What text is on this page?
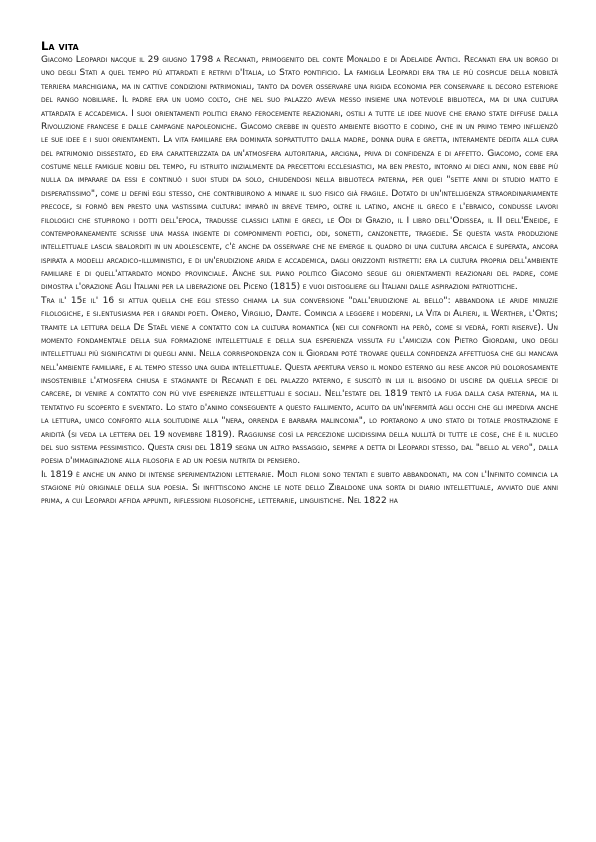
La vita

Giacomo Leopardi nacque il 29 giugno 1798 a Recanati, primogenito del conte Monaldo e di Adelaide Antici. Recanati era un borgo di uno degli Stati a quel tempo più attardati e retrivi d'Italia, lo Stato pontificio. La famiglia Leopardi era tra le più cospicue della nobiltà terriera marchigiana, ma in cattive condizioni patrimoniali, tanto da dover osservare una rigida economia per conservare il decoro esteriore del rango nobiliare. Il padre era un uomo colto, che nel suo palazzo aveva messo insieme una notevole biblioteca, ma di una cultura attardata e accademica. I suoi orientamenti politici erano ferocemente reazionari, ostili a tutte le idee nuove che erano state diffuse dalla Rivoluzione francese e dalle campagne napoleoniche. Giacomo crebbe in questo ambiente bigotto e codino, che in un primo tempo influenzò le sue idee e i suoi orientamenti. La vita familiare era dominata soprattutto dalla madre, donna dura e gretta, interamente dedita alla cura del patrimonio dissestato, ed era caratterizzata da un'atmosfera autoritaria, arcigna, priva di confidenza e di affetto. Giacomo, come era costume nelle famiglie nobili del tempo, fu istruito inizialmente da precettori ecclesiastici, ma ben presto, intorno ai dieci anni, non ebbe più nulla da imparare da essi e continuò i suoi studi da solo, chiudendosi nella biblioteca paterna, per quei "sette anni di studio matto e disperatissimo", come li definì egli stesso, che contribuirono a minare il suo fisico già fragile. Dotato di un'intelligenza straordinariamente precoce, si formò ben presto una vastissima cultura: imparò in breve tempo, oltre il latino, anche il greco e l'ebraico, condusse lavori filologici che stupirono i dotti dell'epoca, tradusse classici latini e greci, le Odi di Grazio, il I libro dell'Odissea, il II dell'Eneide, e contemporaneamente scrisse una massa ingente di componimenti poetici, odi, sonetti, canzonette, tragedie. Se questa vasta produzione intellettuale lascia sbalorditi in un adolescente, c'è anche da osservare che ne emerge il quadro di una cultura arcaica e superata, ancora ispirata a modelli arcadico-illuministici, e di un'erudizione arida e accademica, dagli orizzonti ristretti: era la cultura propria dell'ambiente familiare e di quell'attardato mondo provinciale. Anche sul piano politico Giacomo segue gli orientamenti reazionari del padre, come dimostra l'orazione Agli Italiani per la liberazione del Piceno (1815) e vuoi distogliere gli Italiani dalle aspirazioni patriottiche.

Tra il' 15e il' 16 si attua quella che egli stesso chiama la sua conversione "dall'erudizione al bello": abbandona le aride minuzie filologiche, e si.entusiasma per i grandi poeti. Omero, Virgilio, Dante. Comincia a leggere i moderni, la Vita di Alfieri, il Werther, l'Ortis; tramite la lettura della De Staël viene a contatto con la cultura romantica (nei cui confronti ha però, come si vedrà, forti riserve). Un momento fondamentale della sua formazione intellettuale e della sua esperienza vissuta fu l'amicizia con Pietro Giordani, uno degli intellettuali più significativi di quegli anni. Nella corrispondenza con il Giordani poté trovare quella confidenza affettuosa che gli mancava nell'ambiente familiare, e al tempo stesso una guida intellettuale. Questa apertura verso il mondo esterno gli rese ancor più dolorosamente insostenibile l'atmosfera chiusa e stagnante di Recanati e del palazzo paterno, e suscitò in lui il bisogno di uscire da quella specie di carcere, di venire a contatto con più vive esperienze intellettuali e sociali. Nell'estate del 1819 tentò la fuga dalla casa paterna, ma il tentativo fu scoperto e sventato. Lo stato d'animo conseguente a questo fallimento, acuito da un'infermità agli occhi che gli impediva anche la lettura, unico conforto alla solitudine alla "nera, orrenda e barbara malinconia", lo portarono a uno stato di totale prostrazione e aridità (si veda la lettera del 19 novembre 1819). Raggiunse così la percezione lucidissima della nullità di tutte le cose, che è il nucleo del suo sistema pessimistico. Questa crisi del 1819 segna un altro passaggio, sempre a detta di Leopardi stesso, dal "bello al vero", dalla poesia d'immaginazione alla filosofia e ad un poesia nutrita di pensiero.

Il 1819 è anche un anno di intense sperimentazioni letterarie. Molti filoni sono tentati e subito abbandonati, ma con l'Infinito comincia la stagione più originale della sua poesia. Si infittiscono anche le note dello Zibaldone una sorta di diario intellettuale, avviato due anni prima, a cui Leopardi affida appunti, riflessioni filosofiche, letterarie, linguistiche. Nel 1822 ha
